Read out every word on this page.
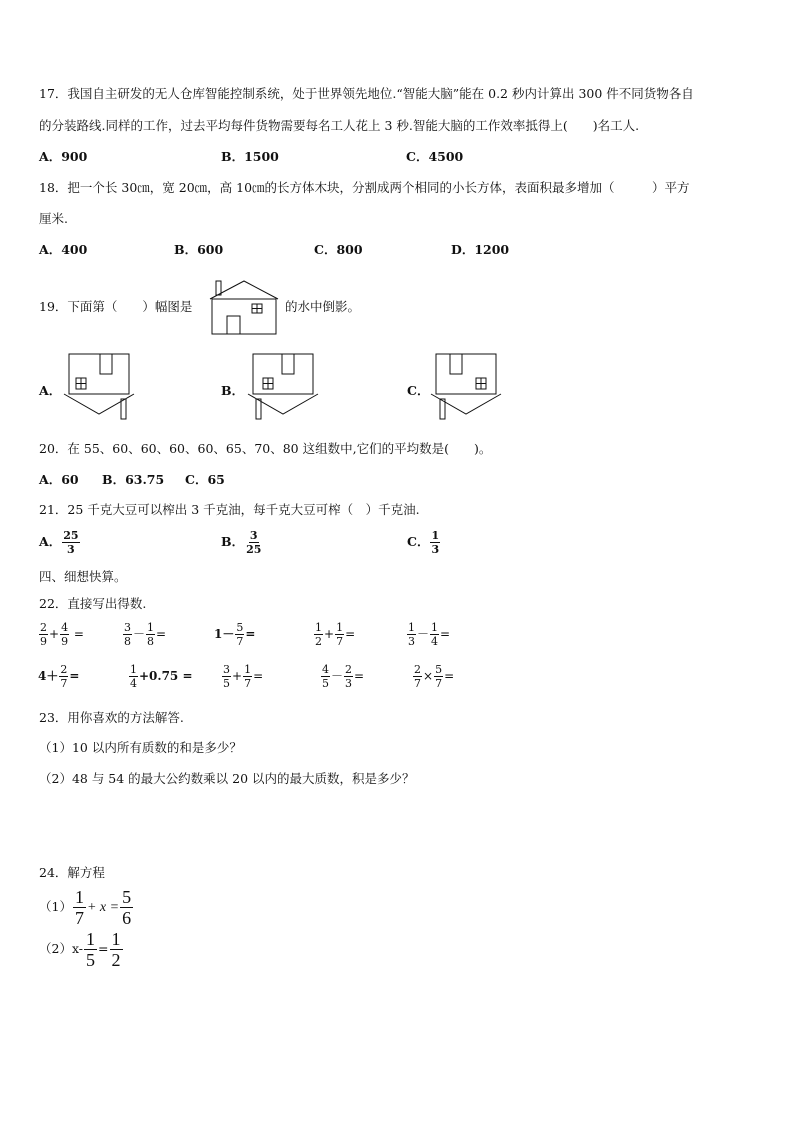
17．我国自主研发的无人仓库智能控制系统，处于世界领先地位.“智能大脑”能在 0.2 秒内计算出 300 件不同货物各自
的分装路线.同样的工作，过去平均每件货物需要每名工人花上 3 秒.智能大脑的工作效率抵得上(　　)名工人.
A．900	B．1500	C．4500
18．把一个长 30㎝，宽 20㎝，高 10㎝的长方体木块，分割成两个相同的小长方体，表面积最多增加（　　　）平方
厘米.
A．400	B．600	C．800	D．1200
19．下面第（　　）幅图是	的水中倒影。
A．	B．	C．
20．在 55、60、60、60、60、65、70、80 这组数中,它们的平均数是(　　)。
A．60 B．63.75 C．65
21．25 千克大豆可以榨出 3 千克油，每千克大豆可榨（　）千克油.
A． $\frac{25}{3}$	B． $\frac{3}{25}$	C． $\frac{1}{3}$
四、细想快算。
22．直接写出得数.
$\frac{2}{9} + \frac{4}{9}$ =	$\frac{3}{8} - \frac{1}{8}$ =	$1- \frac{5}{7}$ =	$\frac{1}{2} + \frac{1}{7}$ =	$\frac{1}{3} - \frac{1}{4}$ =
$4+ \frac{2}{7}$ =	$\frac{1}{4} +0.75$ =	$\frac{3}{5} + \frac{1}{7}$ =	$\frac{4}{5} - \frac{2}{3}$ =	$\frac{2}{7} \times \frac{5}{7}$ =
23．用你喜欢的方法解答.
（1）10 以内所有质数的和是多少？
（2）48 与 54 的最大公约数乘以 20 以内的最大质数，积是多少？
24．解方程
$(1) \frac{1}{7} + x = \frac{5}{6}$
$(2)x- \frac{1}{5} = \frac{1}{2}$
